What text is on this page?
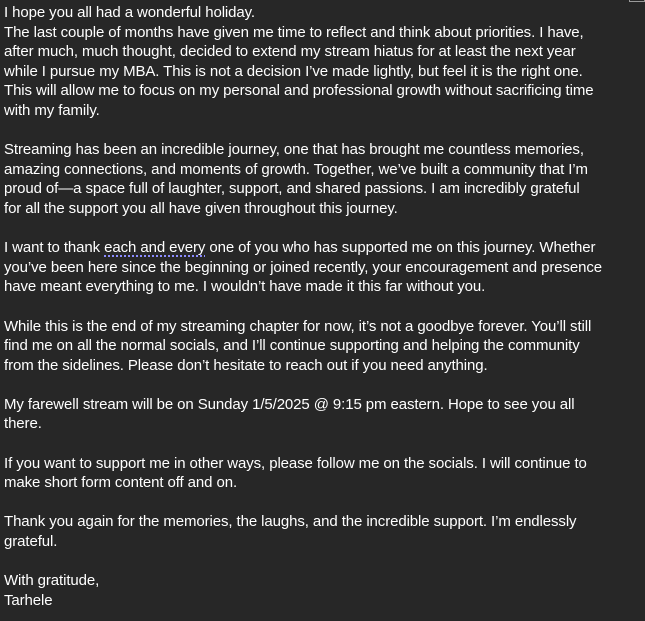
I hope you all had a wonderful holiday.
The last couple of months have given me time to reflect and think about priorities. I have,
after much, much thought, decided to extend my stream hiatus for at least the next year
while I pursue my MBA. This is not a decision I’ve made lightly, but feel it is the right one.
This will allow me to focus on my personal and professional growth without sacrificing time
with my family.
Streaming has been an incredible journey, one that has brought me countless memories,
amazing connections, and moments of growth. Together, we’ve built a community that I’m
proud of—a space full of laughter, support, and shared passions. I am incredibly grateful
for all the support you all have given throughout this journey.
I want to thank each and every one of you who has supported me on this journey. Whether
you’ve been here since the beginning or joined recently, your encouragement and presence
have meant everything to me. I wouldn’t have made it this far without you.
While this is the end of my streaming chapter for now, it’s not a goodbye forever. You’ll still
find me on all the normal socials, and I’ll continue supporting and helping the community
from the sidelines. Please don’t hesitate to reach out if you need anything.
My farewell stream will be on Sunday 1/5/2025 @ 9:15 pm eastern. Hope to see you all
there.
If you want to support me in other ways, please follow me on the socials. I will continue to
make short form content off and on.
Thank you again for the memories, the laughs, and the incredible support. I’m endlessly
grateful.
With gratitude,
Tarhele
